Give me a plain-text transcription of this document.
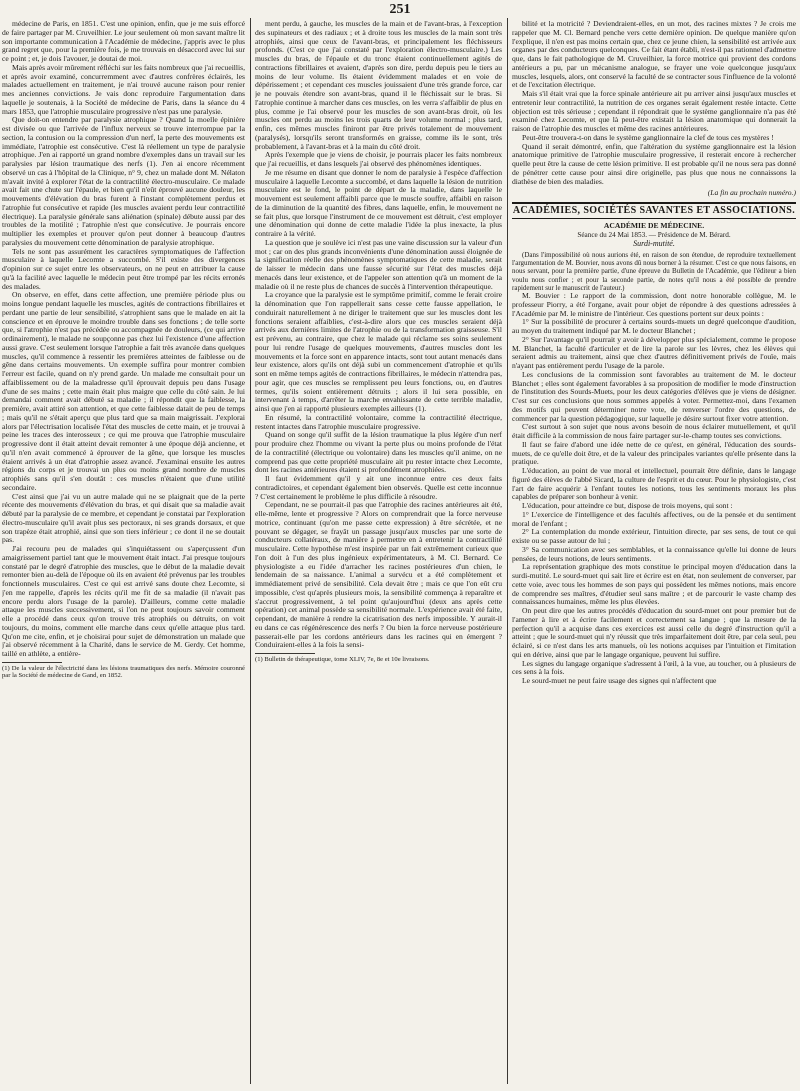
251

médecine de Paris, en 1851. C'est une opinion, enfin, que je me suis efforcé de faire partager par M. Cruveilhier. Le jour seulement où mon savant maître lit son importante communication à l'Académie de médecine, j'appris avec le plus grand regret que, pour la première fois, je me trouvais en désaccord avec lui sur ce point ; et, je dois l'avouer, je doutai de moi.

Mais après avoir mûrement réfléchi sur les faits nombreux que j'ai recueillis, et après avoir examiné, concurremment avec d'autres confrères éclairés, les malades actuellement en traitement, je n'ai trouvé aucune raison pour renier mes anciennes convictions. Je vais donc reproduire l'argumentation dans laquelle je soutenais, à la Société de médecine de Paris, dans la séance du 4 mars 1853, que l'atrophie musculaire progressive n'est pas une paralysie.

Que doit-on entendre par paralysie atrophique ? Quand la moelle épinière est divisée ou que l'arrivée de l'influx nerveux se trouve interrompue par la section, la contusion ou la compression d'un nerf, la perte des mouvements est immédiate, l'atrophie est consécutive. C'est là réellement un type de paralysie atrophique. J'en ai rapporté un grand nombre d'exemples dans un travail sur les paralysies par lésion traumatique des nerfs (1). J'en ai encore récemment observé un cas à l'hôpital de la Clinique, n° 9, chez un malade dont M. Nélaton m'avait invité à explorer l'état de la contractilité électro-musculaire. Ce malade avait fait une chute sur l'épaule, et bien qu'il n'eût éprouvé aucune douleur, les mouvements d'élévation du bras furent à l'instant complètement perdus et l'atrophie fut consécutive et rapide (les muscles avaient perdu leur contractilité électrique). La paralysie générale sans aliénation (spinale) débute aussi par des troubles de la motilité ; l'atrophie n'est que consécutive. Je pourrais encore multiplier les exemples et prouver qu'on peut donner à beaucoup d'autres paralysies du mouvement cette dénomination de paralysie atrophique.

Tels ne sont pas assurément les caractères symptomatiques de l'affection musculaire à laquelle Lecomte a succombé. S'il existe des divergences d'opinion sur ce sujet entre les observateurs, on ne peut en attribuer la cause qu'à la facilité avec laquelle le médecin peut être trompé par les récits erronés des malades.

On observe, en effet, dans cette affection, une première période plus ou moins longue pendant laquelle les muscles, agités de contractions fibrillaires et perdant une partie de leur sensibilité, s'atrophient sans que le malade en ait la conscience et en éprouve le moindre trouble dans ses fonctions ; de telle sorte que, si l'atrophie n'est pas précédée ou accompagnée de douleurs, (ce qui arrive ordinairement), le malade ne soupçonne pas chez lui l'existence d'une affection aussi grave. C'est seulement lorsque l'atrophie a fait très avancée dans quelques muscles, qu'il commence à ressentir les premières atteintes de faiblesse ou de gêne dans certains mouvements. Un exemple suffira pour montrer combien l'erreur est facile, quand on n'y prend garde. Un malade me consultait pour un affaiblissement ou de la maladresse qu'il éprouvait depuis peu dans l'usage d'une de ses mains ; cette main était plus maigre que celle du côté sain. Je lui demandai comment avait débuté sa maladie ; il répondit que la faiblesse, la première, avait attiré son attention, et que cette faiblesse datait de peu de temps ; mais qu'il ne s'était aperçu que plus tard que sa main maigrissait. J'explorai alors par l'électrisation localisée l'état des muscles de cette main, et je trouvai à peine les traces des interosseux ; ce qui me prouva que l'atrophie musculaire progressive dont il était atteint devait remonter à une époque déjà ancienne, et qu'il n'en avait commencé à éprouver de la gêne, que lorsque les muscles étaient arrivés à un état d'atrophie assez avancé. J'examinai ensuite les autres régions du corps et je trouvai un plus ou moins grand nombre de muscles atrophiés sans qu'il s'en doutât : ces muscles n'étaient que d'une utilité secondaire.

C'est ainsi que j'ai vu un autre malade qui ne se plaignait que de la perte récente des mouvements d'élévation du bras, et qui disait que sa maladie avait débuté par la paralysie de ce membre, et cependant je constatai par l'exploration électro-musculaire qu'il avait plus ses pectoraux, ni ses grands dorsaux, et que son trapèze était atrophié, ainsi que son tiers inférieur ; ce dont il ne se doutait pas.

J'ai recouru peu de malades qui s'inquiétassent ou s'aperçussent d'un amaigrissement partiel tant que le mouvement était intact. J'ai presque toujours constaté par le degré d'atrophie des muscles, que le début de la maladie devait remonter bien au-delà de l'époque où ils en avaient été prévenus par les troubles fonctionnels musculaires. C'est ce qui est arrivé sans doute chez Lecomte, si j'en me rappelle, d'après les récits qu'il me fit de sa maladie (il n'avait pas encore perdu alors l'usage de la parole). D'ailleurs, comme cette maladie attaque les muscles successivement, si l'on ne peut toujours savoir comment elle a procédé dans ceux qu'on trouve très atrophiés ou détruits, on voit toujours, du moins, comment elle marche dans ceux qu'elle attaque plus tard. Qu'on me cite, enfin, et je choisirai pour sujet de démonstration un malade que j'ai observé récemment à la Charité, dans le service de M. Gerdy. Cet homme, taillé en athlète, a entière-

(1) De la valeur de l'électricité dans les lésions traumatiques des nerfs. Mémoire couronné par la Société de médecine de Gand, en 1852.

ment perdu, à gauche, les muscles de la main et de l'avant-bras, à l'exception des supinateurs et des radiaux ; et à droite tous les muscles de la main sont très atrophiés, ainsi que ceux de l'avant-bras, et principalement les fléchisseurs profonds. (C'est ce que j'ai constaté par l'exploration électro-musculaire.) Les muscles du bras, de l'épaule et du tronc étaient continuellement agités de contractions fibrillaires et avaient, d'après son dire, perdu depuis peu le tiers au moins de leur volume. Ils étaient évidemment malades et en voie de dépérissement ; et cependant ces muscles jouissaient d'une très grande force, car je ne pouvais étendre son avant-bras, quand il le fléchissait sur le bras. Si l'atrophie continue à marcher dans ces muscles, on les verra s'affaiblir de plus en plus, comme je l'ai observé pour les muscles de son avant-bras droit, où les muscles ont perdu au moins les trois quarts de leur volume normal ; plus tard, enfin, ces mêmes muscles finiront par être privés totalement de mouvement (paralysés), lorsqu'ils seront transformés en graisse, comme ils le sont, très probablement, à l'avant-bras et à la main du côté droit.

Après l'exemple que je viens de choisir, je pourrais placer les faits nombreux que j'ai recueillis, et dans lesquels j'ai observé des phénomènes identiques.

Je me résume en disant que donner le nom de paralysie à l'espèce d'affection musculaire à laquelle Lecomte a succombé, et dans laquelle la lésion de nutrition musculaire est le fond, le point de départ de la maladie, dans laquelle le mouvement est seulement affaibli parce que le muscle souffre, affaibli en raison de la diminution de la quantité des fibres, dans laquelle, enfin, le mouvement ne se fait plus, que lorsque l'instrument de ce mouvement est détruit, c'est employer une dénomination qui donne de cette maladie l'idée la plus inexacte, la plus contraire à la vérité.

La question que je soulève ici n'est pas une vaine discussion sur la valeur d'un mot ; car on des plus grands inconvénients d'une dénomination aussi éloignée de la signification réelle des phénomènes symptomatiques de cette maladie, serait de laisser le médecin dans une fausse sécurité sur l'état des muscles déjà menacés dans leur existence, et de l'appeler son attention qu'à un moment de la maladie où il ne reste plus de chances de succès à l'intervention thérapeutique.

La croyance que la paralysie est le symptôme primitif, comme le ferait croire la dénomination que l'on rappellerait sans cesse cette fausse appellation, le conduirait naturellement à ne diriger le traitement que sur les muscles dont les fonctions seraient affaiblies, c'est-à-dire alors que ces muscles seraient déjà arrivés aux dernières limites de l'atrophie ou de la transformation graisseuse. S'il est prévenu, au contraire, que chez le malade qui réclame ses soins seulement pour lui rendre l'usage de quelques mouvements, d'autres muscles dont les mouvements et la force sont en apparence intacts, sont tout autant menacés dans leur existence, alors qu'ils ont déjà subi un commencement d'atrophie et qu'ils sont en même temps agités de contractions fibrillaires, le médecin n'attendra pas, pour agir, que ces muscles se remplissent peu leurs fonctions, ou, en d'autres termes, qu'ils soient entièrement détruits ; alors il lui sera possible, en intervenant à temps, d'arrêter la marche envahissante de cette terrible maladie, ainsi que j'en ai rapporté plusieurs exemples ailleurs (1).

En résumé, la contractilité volontaire, comme la contractilité électrique, restent intactes dans l'atrophie musculaire progressive.

Quand on songe qu'il suffit de la lésion traumatique la plus légère d'un nerf pour produire chez l'homme ou vivant la perte plus ou moins profonde de l'état de la contractilité (électrique ou volontaire) dans les muscles qu'il anime, on ne comprend pas que cette propriété musculaire ait pu rester intacte chez Lecomte, dont les racines antérieures étaient si profondément atrophiées.

Il faut évidemment qu'il y ait une inconnue entre ces deux faits contradictoires, et cependant également bien observés. Quelle est cette inconnue ? C'est certainement le problème le plus difficile à résoudre.

Cependant, ne se pourrait-il pas que l'atrophie des racines antérieures ait été, elle-même, lente et progressive ? Alors on comprendrait que la force nerveuse motrice, continuant (qu'on me passe cette expression) à être sécrétée, et ne pouvant se dégager, se frayât un passage jusqu'aux muscles par une sorte de conducteurs collatéraux, de manière à permettre en à entretenir la contractilité musculaire. Cette hypothèse m'est inspirée par un fait extrêmement curieux que l'on doit à l'un des plus ingénieux expérimentateurs, à M. Cl. Bernard. Ce physiologiste a eu l'idée d'arracher les racines postérieures d'un chien, le lendemain de sa naissance. L'animal a survécu et a été complètement et immédiatement privé de sensibilité. Cela devait être ; mais ce que l'on eût cru impossible, c'est qu'après plusieurs mois, la sensibilité commença à reparaître et s'accrut progressivement, à tel point qu'aujourd'hui (deux ans après cette opération) cet animal possède sa sensibilité normale. L'expérience avait été faite, cependant, de manière à rendre la cicatrisation des nerfs impossible. Y aurait-il eu dans ce cas régénérescence des nerfs ? Ou bien la force nerveuse postérieure passerait-elle par les cordons antérieurs dans les racines qui en émergent ? Conduiraient-elles à la fois la sensi-

(1) Bulletin de thérapeutique, tome XLIV, 7e, 8e et 10e livraisons.

bilité et la motricité ? Deviendraient-elles, en un mot, des racines mixtes ? Je crois me rappeler que M. Cl. Bernard penche vers cette dernière opinion. De quelque manière qu'on l'explique, il n'en est pas moins certain que, chez ce jeune chien, la sensibilité est arrivée aux organes par des conducteurs quelconques. Ce fait étant établi, n'est-il pas rationnel d'admettre que, dans le fait pathologique de M. Cruveilhier, la force motrice qui provient des cordons antérieurs a pu, par un mécanisme analogue, se frayer une voie quelconque jusqu'aux muscles, lesquels, alors, ont conservé la faculté de se contracter sous l'influence de la volonté et de l'excitation électrique.

Mais s'il était vrai que la force spinale antérieure ait pu arriver ainsi jusqu'aux muscles et entretenir leur contractilité, la nutrition de ces organes serait également restée intacte. Cette objection est très sérieuse ; cependant il répondrait que le système ganglionnaire n'a pas été examiné chez Lecomte, et que là peut-être existait la lésion anatomique qui donnerait la raison de l'atrophie des muscles et même des racines antérieures.

Peut-être trouvera-t-on dans le système ganglionnaire la clef de tous ces mystères !

Quand il serait démontré, enfin, que l'altération du système ganglionnaire est la lésion anatomique primitive de l'atrophie musculaire progressive, il resterait encore à rechercher quelle peut être la cause de cette lésion primitive. Il est probable qu'il ne nous sera pas donné de pénétrer cette cause pour ainsi dire originelle, pas plus que nous ne connaissons la diathèse de bien des maladies.

(La fin au prochain numéro.)

ACADÉMIES, SOCIÉTÉS SAVANTES ET ASSOCIATIONS.

ACADÉMIE DE MÉDECINE.

Séance du 24 Mai 1853. — Présidence de M. Bérard.

Surdi-mutité.

(Dans l'impossibilité où nous aurions été, en raison de son étendue, de reproduire textuellement l'argumentation de M. Bouvier, nous avons dû nous borner à la résumer. C'est ce que nous faisons, en nous servant, pour la première partie, d'une épreuve du Bulletin de l'Académie, que l'éditeur a bien voulu nous confier ; et pour la seconde partie, de notes qu'il nous a été possible de prendre rapidement sur le manuscrit de l'auteur.)

M. Bouvier : Le rapport de la commission, dont notre honorable collègue, M. le professeur Piorry, a été l'organe, avait pour objet de répondre à des questions adressées à l'Académie par M. le ministre de l'intérieur. Ces questions portent sur deux points :

1° Sur la possibilité de procurer à certains sourds-muets un degré quelconque d'audition, au moyen du traitement indiqué par M. le docteur Blanchet ;

2° Sur l'avantage qu'il pourrait y avoir à développer plus spécialement, comme le propose M. Blanchet, la faculté d'articuler et de lire la parole sur les lèvres, chez les élèves qui seraient admis au traitement, ainsi que chez d'autres définitivement privés de l'ouïe, mais n'ayant pas entièrement perdu l'usage de la parole.

Les conclusions de la commission sont favorables au traitement de M. le docteur Blanchet ; elles sont également favorables à sa proposition de modifier le mode d'instruction de l'institution des Sourds-Muets, pour les deux catégories d'élèves que je viens de désigner. C'est sur ces conclusions que nous sommes appelés à voter. Permettez-moi, dans l'examen des motifs qui peuvent déterminer notre vote, de renverser l'ordre des questions, de commencer par la question pédagogique, sur laquelle je désire surtout fixer votre attention.

C'est surtout à son sujet que nous avons besoin de nous éclairer mutuellement, et qu'il était difficile à la commission de nous faire partager sur-le-champ toutes ses convictions.

Il faut se faire d'abord une idée nette de ce qu'est, en général, l'éducation des sourds-muets, de ce qu'elle doit être, et de la valeur des principales variantes qu'elle présente dans la pratique.

L'éducation, au point de vue moral et intellectuel, pourrait être définie, dans le langage figuré des élèves de l'abbé Sicard, la culture de l'esprit et du cœur. Pour le physiologiste, c'est l'art de faire acquérir à l'enfant toutes les notions, tous les sentiments moraux les plus capables de préparer son bonheur à venir.

L'éducation, pour atteindre ce but, dispose de trois moyens, qui sont :

1° L'exercice de l'intelligence et des facultés affectives, ou de la pensée et du sentiment moral de l'enfant ;

2° La contemplation du monde extérieur, l'intuition directe, par ses sens, de tout ce qui existe ou se passe autour de lui ;

3° Sa communication avec ses semblables, et la connaissance qu'elle lui donne de leurs pensées, de leurs notions, de leurs sentiments.

La représentation graphique des mots constitue le principal moyen d'éducation dans la surdi-mutité. Le sourd-muet qui sait lire et écrire est en état, non seulement de converser, par cette voie, avec tous les hommes de son pays qui possèdent les mêmes notions, mais encore de comprendre ses maîtres, d'étudier seul sans maître ; et de parcourir le vaste champ des connaissances humaines, même les plus élevées.

On peut dire que les autres procédés d'éducation du sourd-muet ont pour premier but de l'amener à lire et à écrire facilement et correctement sa langue ; que la mesure de la perfection qu'il a acquise dans ces exercices est aussi celle du degré d'instruction qu'il a atteint ; que le sourd-muet qui n'y réussit que très imparfaitement doit être, par cela seul, peu éclairé, si ce n'est dans les arts manuels, où les notions acquises par l'intuition et l'imitation qui en dérive, ainsi que par le langage organique, peuvent lui suffire.

Les signes du langage organique s'adressent à l'œil, à la vue, au toucher, ou à plusieurs de ces sens à la fois.

Le sourd-muet ne peut faire usage des signes qui n'affectent que
